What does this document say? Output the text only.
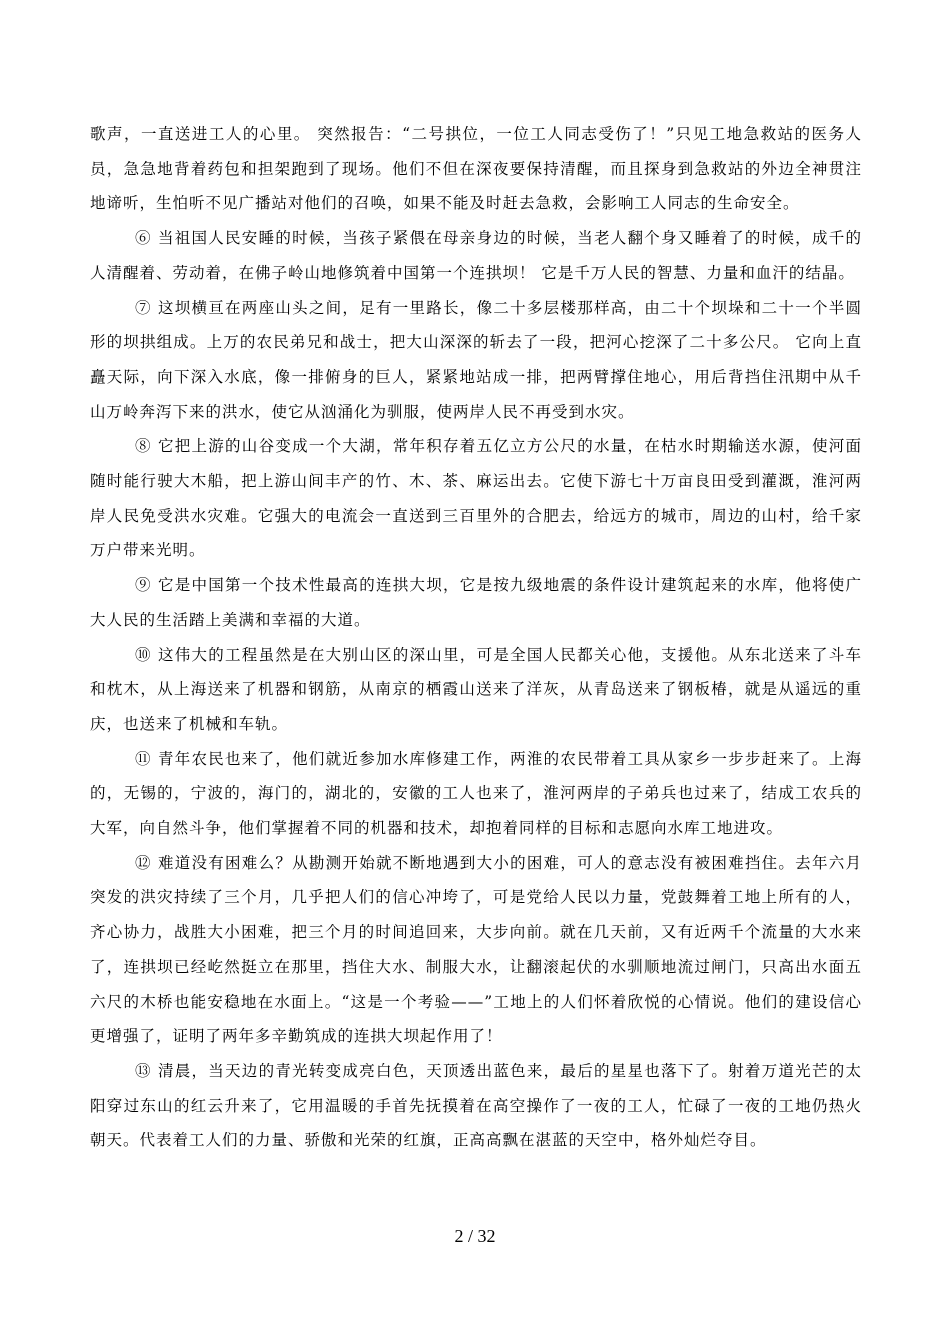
歌声，一直送进工人的心里。 突然报告：“二号拱位，一位工人同志受伤了！”只见工地急救站的医务人员，急急地背着药包和担架跑到了现场。他们不但在深夜要保持清醒，而且探身到急救站的外边全神贯注地谛听，生怕听不见广播站对他们的召唤，如果不能及时赶去急救，会影响工人同志的生命安全。

⑥ 当祖国人民安睡的时候，当孩子紧偎在母亲身边的时候，当老人翻个身又睡着了的时候，成千的人清醒着、劳动着，在佛子岭山地修筑着中国第一个连拱坝！ 它是千万人民的智慧、力量和血汗的结晶。

⑦ 这坝横亘在两座山头之间，足有一里路长，像二十多层楼那样高，由二十个坝垛和二十一个半圆形的坝拱组成。上万的农民弟兄和战士，把大山深深的斩去了一段，把河心挖深了二十多公尺。 它向上直矗天际，向下深入水底，像一排俯身的巨人，紧紧地站成一排，把两臂撑住地心，用后背挡住汛期中从千山万岭奔泻下来的洪水，使它从汹涌化为驯服，使两岸人民不再受到水灾。

⑧ 它把上游的山谷变成一个大湖，常年积存着五亿立方公尺的水量，在枯水时期输送水源，使河面随时能行驶大木船，把上游山间丰产的竹、木、茶、麻运出去。它使下游七十万亩良田受到灌溉，淮河两岸人民免受洪水灾难。它强大的电流会一直送到三百里外的合肥去，给远方的城市，周边的山村，给千家万户带来光明。

⑨ 它是中国第一个技术性最高的连拱大坝，它是按九级地震的条件设计建筑起来的水库，他将使广大人民的生活踏上美满和幸福的大道。

⑩ 这伟大的工程虽然是在大别山区的深山里，可是全国人民都关心他，支援他。从东北送来了斗车和枕木，从上海送来了机器和钢筋，从南京的栖霞山送来了洋灰，从青岛送来了钢板椿，就是从遥远的重庆，也送来了机械和车轨。

⑪ 青年农民也来了，他们就近参加水库修建工作，两淮的农民带着工具从家乡一步步赶来了。上海的，无锡的，宁波的，海门的，湖北的，安徽的工人也来了，淮河两岸的子弟兵也过来了，结成工农兵的大军，向自然斗争，他们掌握着不同的机器和技术，却抱着同样的目标和志愿向水库工地进攻。

⑫ 难道没有困难么？从勘测开始就不断地遇到大小的困难，可人的意志没有被困难挡住。去年六月突发的洪灾持续了三个月，几乎把人们的信心冲垮了，可是党给人民以力量，党鼓舞着工地上所有的人，齐心协力，战胜大小困难，把三个月的时间追回来，大步向前。就在几天前，又有近两千个流量的大水来了，连拱坝已经屹然挺立在那里，挡住大水、制服大水，让翻滚起伏的水驯顺地流过闸门，只高出水面五六尺的木桥也能安稳地在水面上。“这是一个考验——”工地上的人们怀着欣悦的心情说。他们的建设信心更增强了，证明了两年多辛勤筑成的连拱大坝起作用了！

⑬ 清晨，当天边的青光转变成亮白色，天顶透出蓝色来，最后的星星也落下了。射着万道光芒的太阳穿过东山的红云升来了，它用温暖的手首先抚摸着在高空操作了一夜的工人，忙碌了一夜的工地仍热火朝天。代表着工人们的力量、骄傲和光荣的红旗，正高高飘在湛蓝的天空中，格外灿烂夺目。

2 / 32
